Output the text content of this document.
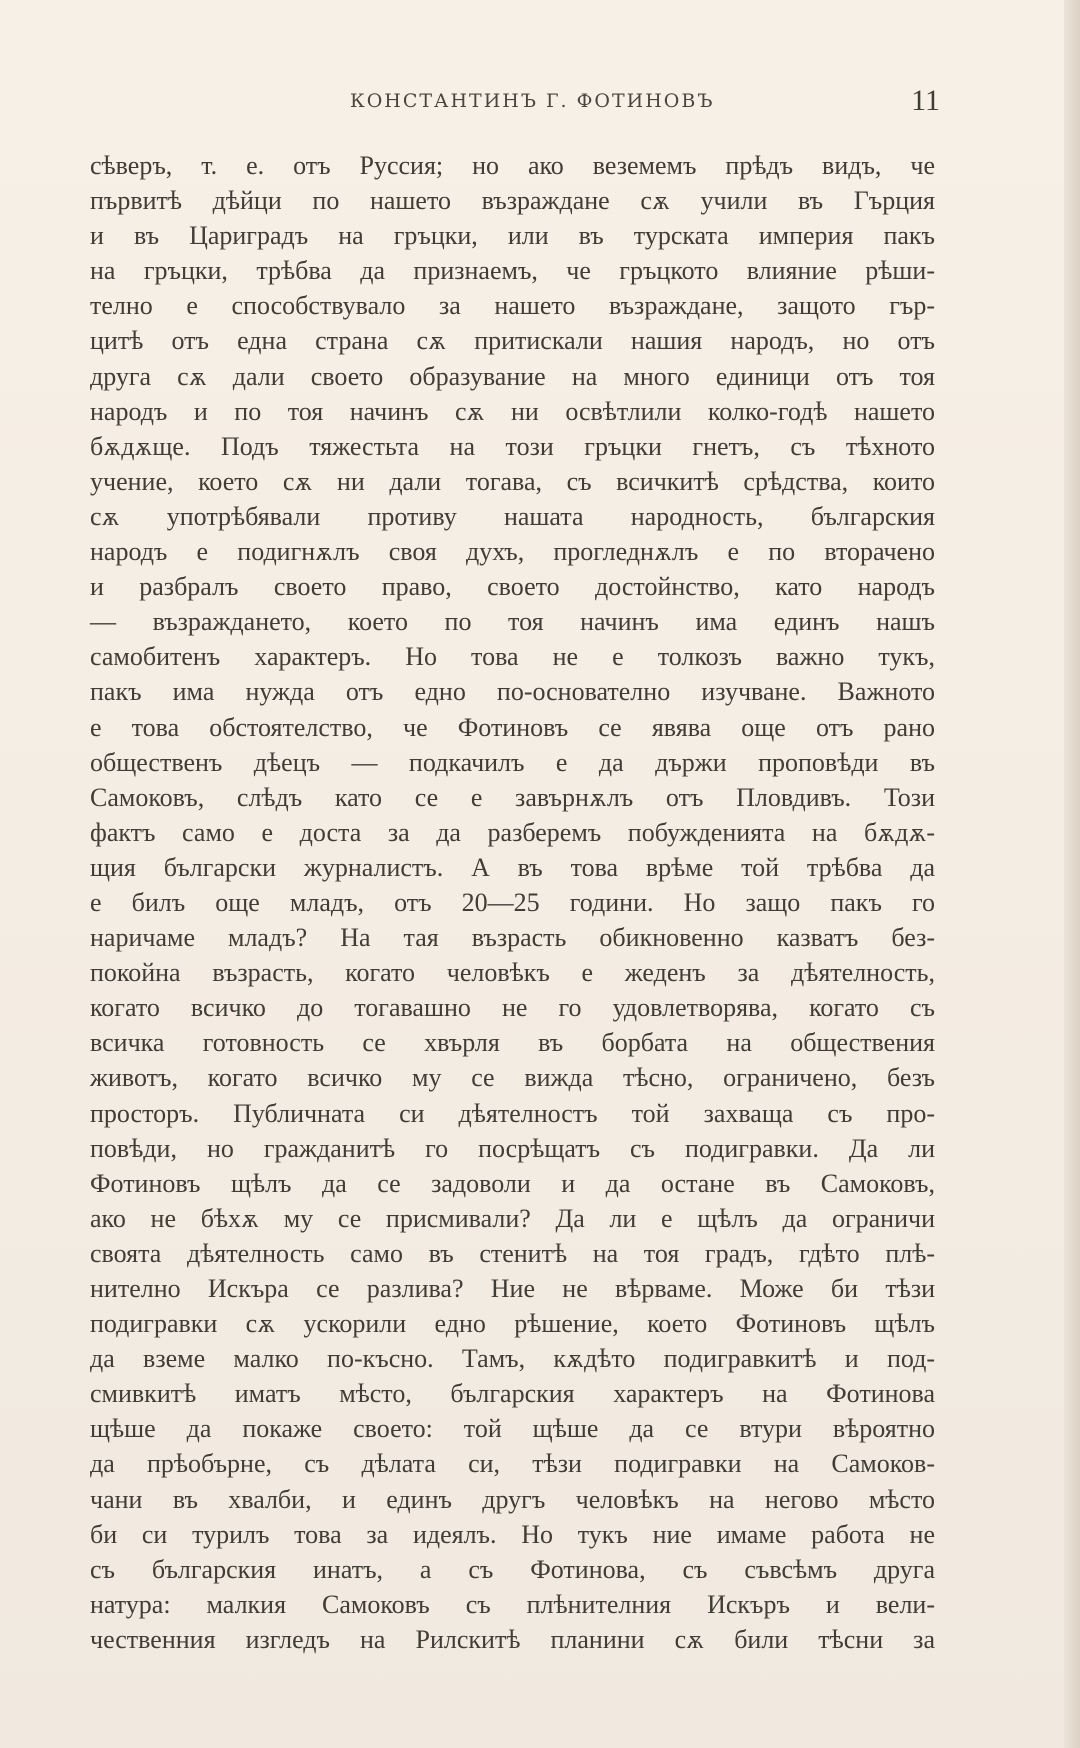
КОНСТАНТИНЪ Г. ФОТИНОВЪ	11
сѣверъ, т. е. отъ Руссия; но ако веземемъ прѣдъ видъ, че
първитѣ дѣйци по нашето възраждане сѫ учили въ Гърция
и въ Цариградъ на гръцки, или въ турската империя пакъ
на гръцки, трѣбва да признаемъ, че гръцкото влияние рѣши-
телно е способствувало за нашето възраждане, защото гър-
цитѣ отъ една страна сѫ притискали нашия народъ, но отъ
друга сѫ дали своето образувание на много единици отъ тоя
народъ и по тоя начинъ сѫ ни освѣтлили колко-годѣ нашето
бѫдѫще. Подъ тяжестьта на този гръцки гнетъ, съ тѣхното
учение, което сѫ ни дали тогава, съ всичкитѣ срѣдства, които
сѫ употрѣбявали противу нашата народность, българския
народъ е подигнѫлъ своя духъ, прогледнѫлъ е по вторачено
и разбралъ своето право, своето достойнство, като народъ
— възраждането, което по тоя начинъ има единъ нашъ
самобитенъ характеръ. Но това не е толкозъ важно тукъ,
пакъ има нужда отъ едно по-основателно изучване. Важното
е това обстоятелство, че Фотиновъ се явява още отъ рано
общественъ дѣецъ — подкачилъ е да държи проповѣди въ
Самоковъ, слѣдъ като се е завърнѫлъ отъ Пловдивъ. Този
фактъ само е доста за да разберемъ побужденията на бѫдѫ-
щия български журналистъ. А въ това врѣме той трѣбва да
е билъ още младъ, отъ 20—25 години. Но защо пакъ го
наричаме младъ? На тая възрасть обикновенно казватъ без-
покойна възрасть, когато человѣкъ е жеденъ за дѣятелность,
когато всичко до тогавашно не го удовлетворява, когато съ
всичка готовность се хвърля въ борбата на обществения
животъ, когато всичко му се вижда тѣсно, ограничено, безъ
просторъ. Публичната си дѣятелностъ той захваща съ про-
повѣди, но гражданитѣ го посрѣщатъ съ подигравки. Да ли
Фотиновъ щѣлъ да се задоволи и да остане въ Самоковъ,
ако не бѣхѫ му се присмивали? Да ли е щѣлъ да ограничи
своята дѣятелность само въ стенитѣ на тоя градъ, гдѣто плѣ-
нително Искъра се разлива? Ние не вѣрваме. Може би тѣзи
подигравки сѫ ускорили едно рѣшение, което Фотиновъ щѣлъ
да вземе малко по-късно. Тамъ, кѫдѣто подигравкитѣ и под-
смивкитѣ иматъ мѣсто, българския характеръ на Фотинова
щѣше да покаже своето: той щѣше да се втури вѣроятно
да прѣобърне, съ дѣлата си, тѣзи подигравки на Самоков-
чани въ хвалби, и единъ другъ человѣкъ на негово мѣсто
би си турилъ това за идеялъ. Но тукъ ние имаме работа не
съ българския инатъ, а съ Фотинова, съ съвсѣмъ друга
натура: малкия Самоковъ съ плѣнителния Искъръ и вели-
чественния изгледъ на Рилскитѣ планини сѫ били тѣсни за
